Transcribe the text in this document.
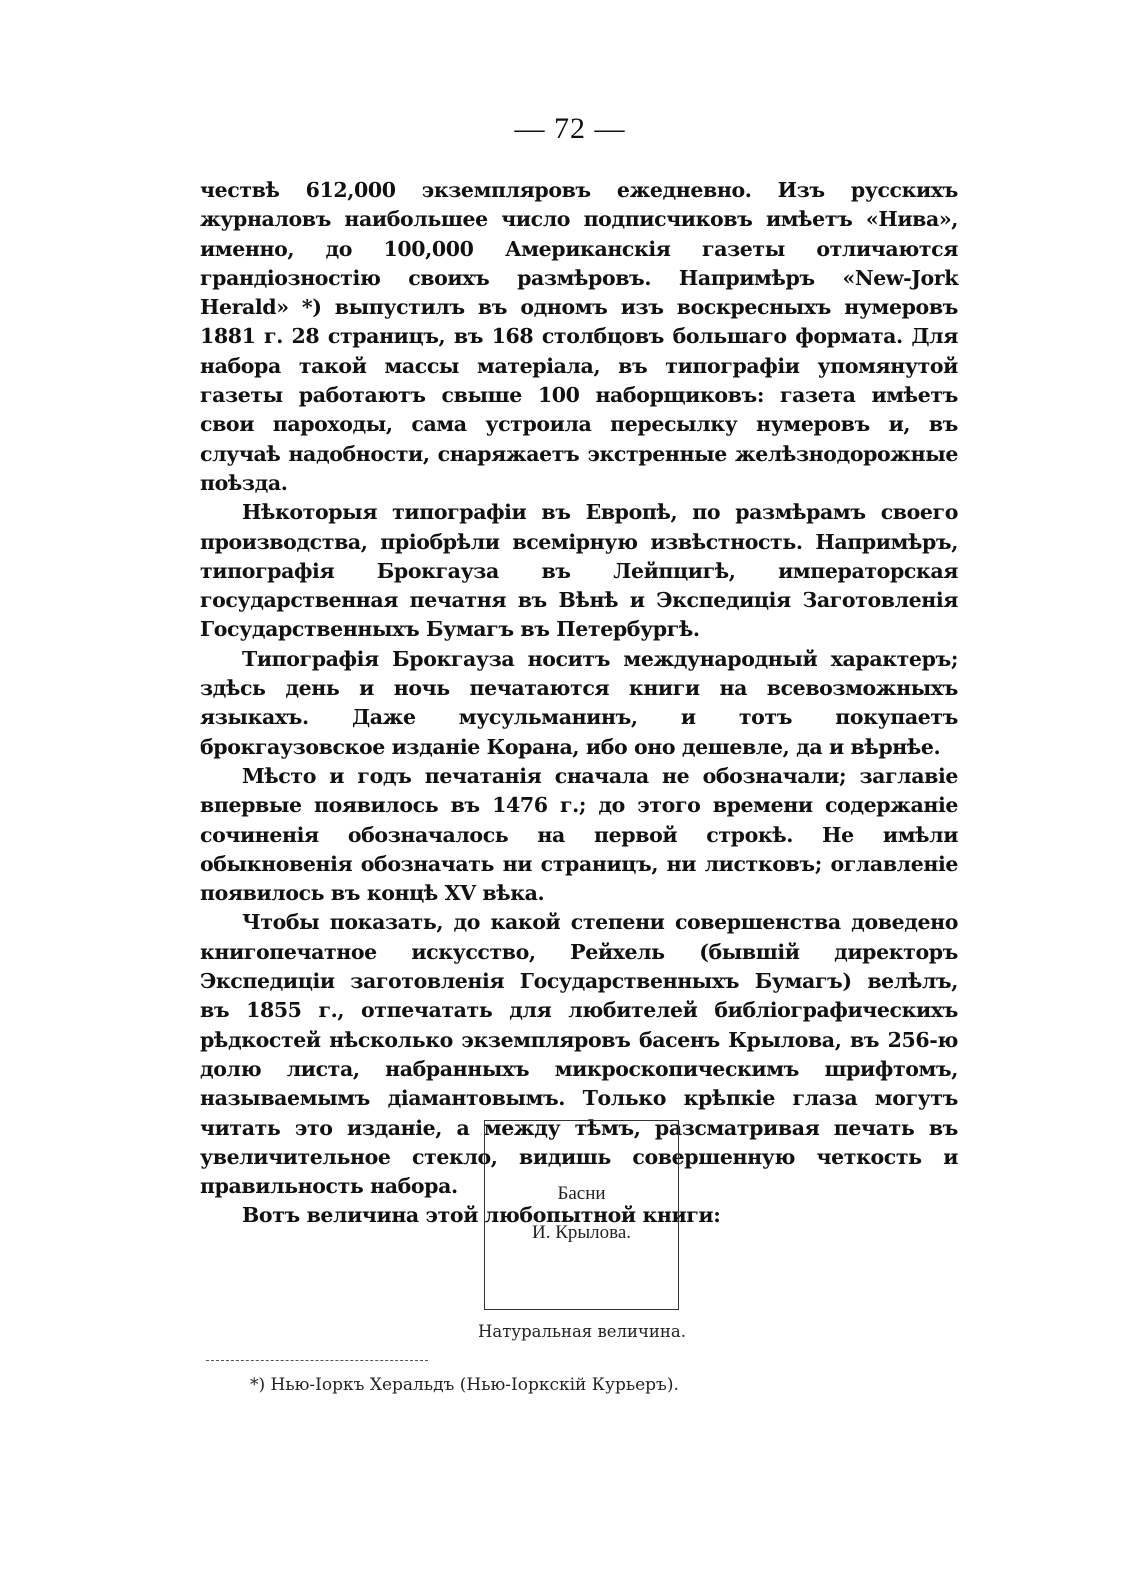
— 72 —

чествѣ 612,000 экземпляровъ ежедневно. Изъ русскихъ журналовъ наибольшее число подписчиковъ имѣетъ «Нива», именно, до 100,000 Американскія газеты отличаются грандіозностію своихъ размѣровъ. Напримѣръ «New-Jork Herald» *) выпустилъ въ одномъ изъ воскресныхъ нумеровъ 1881 г. 28 страницъ, въ 168 столбцовъ большаго формата. Для набора такой массы матеріала, въ типографіи упомянутой газеты работаютъ свыше 100 наборщиковъ: газета имѣетъ свои пароходы, сама устроила пересылку нумеровъ и, въ случаѣ надобности, снаряжаетъ экстренные желѣзнодорожные поѣзда.

Нѣкоторыя типографіи въ Европѣ, по размѣрамъ своего производства, пріобрѣли всемірную извѣстность. Напримѣръ, типографія Брокгауза въ Лейпцигѣ, императорская государственная печатня въ Вѣнѣ и Экспедиція Заготовленія Государственныхъ Бумагъ въ Петербургѣ.

Типографія Брокгауза носитъ международный характеръ; здѣсь день и ночь печатаются книги на всевозможныхъ языкахъ. Даже мусульманинъ, и тотъ покупаетъ брокгаузовское изданіе Корана, ибо оно дешевле, да и вѣрнѣе.

Мѣсто и годъ печатанія сначала не обозначали; заглавіе впервые появилось въ 1476 г.; до этого времени содержаніе сочиненія обозначалось на первой строкѣ. Не имѣли обыкновенія обозначать ни страницъ, ни листковъ; оглавленіе появилось въ концѣ XV вѣка.

Чтобы показать, до какой степени совершенства доведено книгопечатное искусство, Рейхель (бывшій директоръ Экспедиціи заготовленія Государственныхъ Бумагъ) велѣлъ, въ 1855 г., отпечатать для любителей библіографическихъ рѣдкостей нѣсколько экземпляровъ басенъ Крылова, въ 256-ю долю листа, набранныхъ микроскопическимъ шрифтомъ, называемымъ діамантовымъ. Только крѣпкіе глаза могутъ читать это изданіе, а между тѣмъ, разсматривая печать въ увеличительное стекло, видишь совершенную четкость и правильность набора.

Вотъ величина этой любопытной книги:

Басни
И. Крылова.
Натуральная величина.
*) Нью-Iоркъ Херальдъ (Нью-Iоркскiй Курьеръ).
